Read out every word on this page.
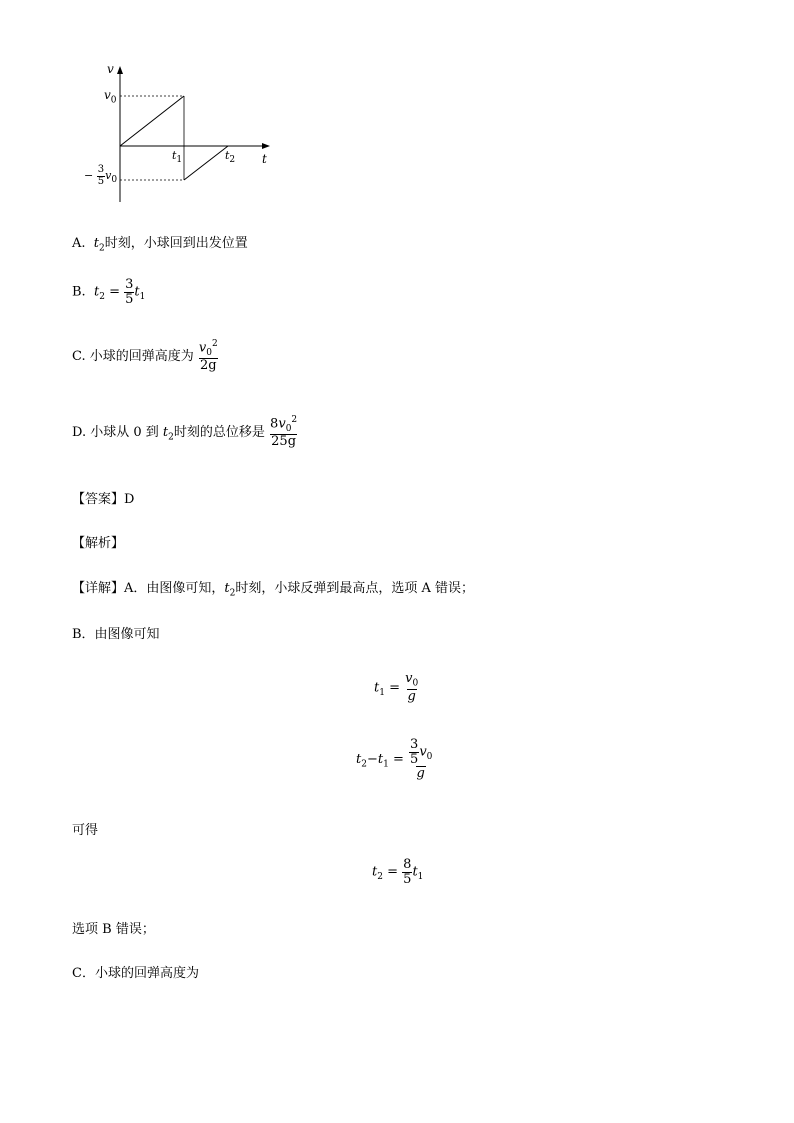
v
t
$v_0$
− $\frac{3}{5} v_0$
$t_1$	$t_2$
A. $t_2$时刻，小球回到出发位置
B. $t_2 = \frac{3}{5} t_1$
C. 小球的回弹高度为 $\frac{v_0^2}{2g}$
D. 小球从 0 到 $t_2$时刻的总位移是 $\frac{8v_0^2}{25g}$
【答案】D
【解析】
【详解】A．由图像可知，$t_2$时刻，小球反弹到最高点，选项 A 错误；
B．由图像可知
$t_1 = \frac{v_0}{g}$
$t_2-t_1 = \frac{\frac{3}{5} v_0}{g}$
可得
$t_2 = \frac{8}{5} t_1$
选项 B 错误；
C．小球的回弹高度为
